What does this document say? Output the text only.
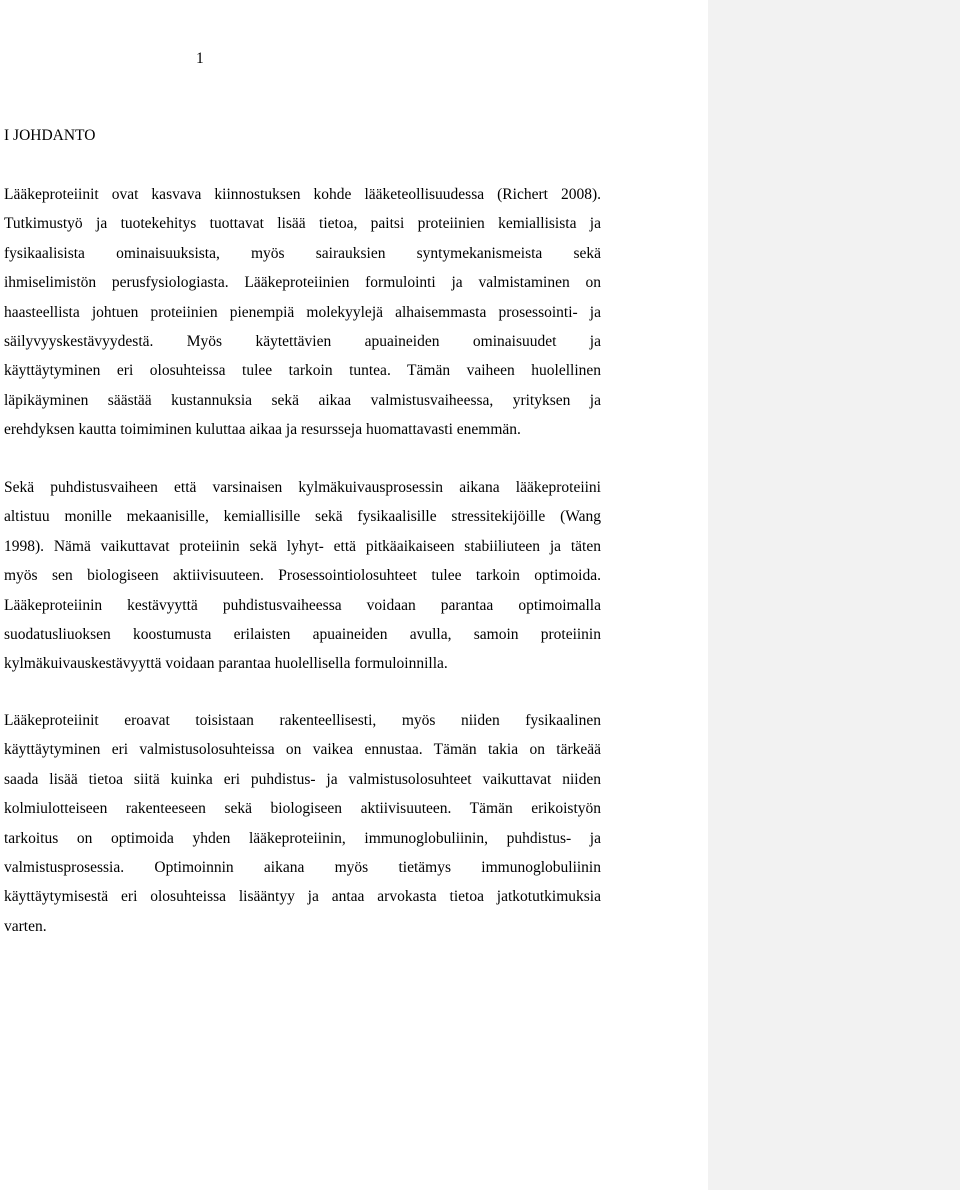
1
I JOHDANTO

Lääkeproteiinit ovat kasvava kiinnostuksen kohde lääketeollisuudessa (Richert 2008).
Tutkimustyö ja tuotekehitys tuottavat lisää tietoa, paitsi proteiinien kemiallisista ja
fysikaalisista ominaisuuksista, myös sairauksien syntymekanismeista sekä
ihmiselimistön perusfysiologiasta. Lääkeproteiinien formulointi ja valmistaminen on
haasteellista johtuen proteiinien pienempiä molekyylejä alhaisemmasta prosessointi- ja
säilyvyyskestävyydestä. Myös käytettävien apuaineiden ominaisuudet ja
käyttäytyminen eri olosuhteissa tulee tarkoin tuntea. Tämän vaiheen huolellinen
läpikäyminen säästää kustannuksia sekä aikaa valmistusvaiheessa, yrityksen ja
erehdyksen kautta toimiminen kuluttaa aikaa ja resursseja huomattavasti enemmän.

Sekä puhdistusvaiheen että varsinaisen kylmäkuivausprosessin aikana lääkeproteiini
altistuu monille mekaanisille, kemiallisille sekä fysikaalisille stressitekijöille (Wang
1998). Nämä vaikuttavat proteiinin sekä lyhyt- että pitkäaikaiseen stabiiliuteen ja täten
myös sen biologiseen aktiivisuuteen. Prosessointiolosuhteet tulee tarkoin optimoida.
Lääkeproteiinin kestävyyttä puhdistusvaiheessa voidaan parantaa optimoimalla
suodatusliuoksen koostumusta erilaisten apuaineiden avulla, samoin proteiinin
kylmäkuivauskestävyyttä voidaan parantaa huolellisella formuloinnilla.

Lääkeproteiinit eroavat toisistaan rakenteellisesti, myös niiden fysikaalinen
käyttäytyminen eri valmistusolosuhteissa on vaikea ennustaa. Tämän takia on tärkeää
saada lisää tietoa siitä kuinka eri puhdistus- ja valmistusolosuhteet vaikuttavat niiden
kolmiulotteiseen rakenteeseen sekä biologiseen aktiivisuuteen. Tämän erikoistyön
tarkoitus on optimoida yhden lääkeproteiinin, immunoglobuliinin, puhdistus- ja
valmistusprosessia. Optimoinnin aikana myös tietämys immunoglobuliinin
käyttäytymisestä eri olosuhteissa lisääntyy ja antaa arvokasta tietoa jatkotutkimuksia
varten.
